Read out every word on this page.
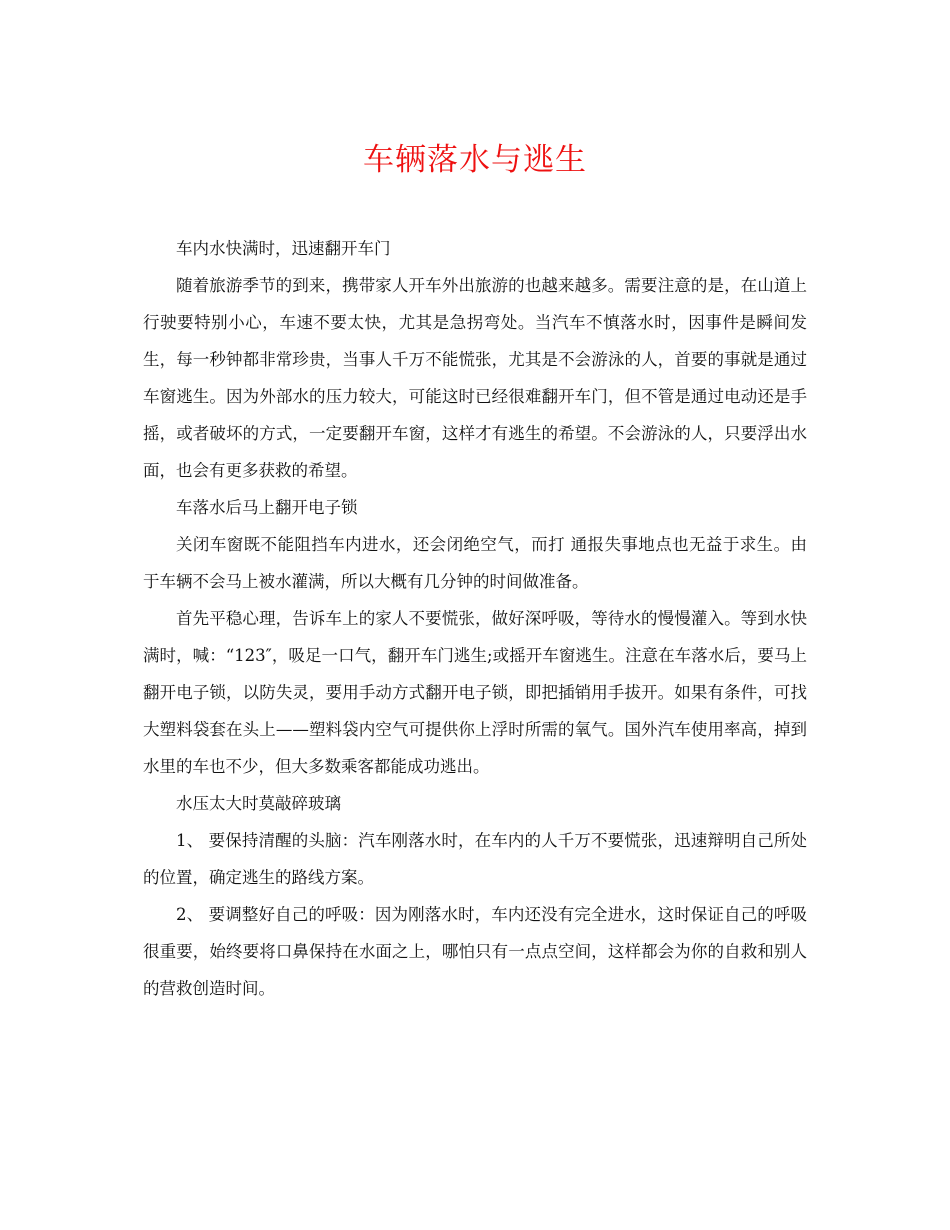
车辆落水与逃生

车内水快满时，迅速翻开车门

随着旅游季节的到来，携带家人开车外出旅游的也越来越多。需要注意的是，在山道上行驶要特别小心，车速不要太快，尤其是急拐弯处。当汽车不慎落水时，因事件是瞬间发生，每一秒钟都非常珍贵，当事人千万不能慌张，尤其是不会游泳的人，首要的事就是通过车窗逃生。因为外部水的压力较大，可能这时已经很难翻开车门，但不管是通过电动还是手摇，或者破坏的方式，一定要翻开车窗，这样才有逃生的希望。不会游泳的人，只要浮出水面，也会有更多获救的希望。

车落水后马上翻开电子锁

关闭车窗既不能阻挡车内进水，还会闭绝空气，而打 通报失事地点也无益于求生。由于车辆不会马上被水灌满，所以大概有几分钟的时间做准备。

首先平稳心理，告诉车上的家人不要慌张，做好深呼吸，等待水的慢慢灌入。等到水快满时，喊：“123″，吸足一口气，翻开车门逃生;或摇开车窗逃生。注意在车落水后，要马上翻开电子锁，以防失灵，要用手动方式翻开电子锁，即把插销用手拔开。如果有条件，可找大塑料袋套在头上——塑料袋内空气可提供你上浮时所需的氧气。国外汽车使用率高，掉到水里的车也不少，但大多数乘客都能成功逃出。

水压太大时莫敲碎玻璃

1、 要保持清醒的头脑：汽车刚落水时，在车内的人千万不要慌张，迅速辩明自己所处的位置，确定逃生的路线方案。

2、 要调整好自己的呼吸：因为刚落水时，车内还没有完全进水，这时保证自己的呼吸很重要，始终要将口鼻保持在水面之上，哪怕只有一点点空间，这样都会为你的自救和别人的营救创造时间。
